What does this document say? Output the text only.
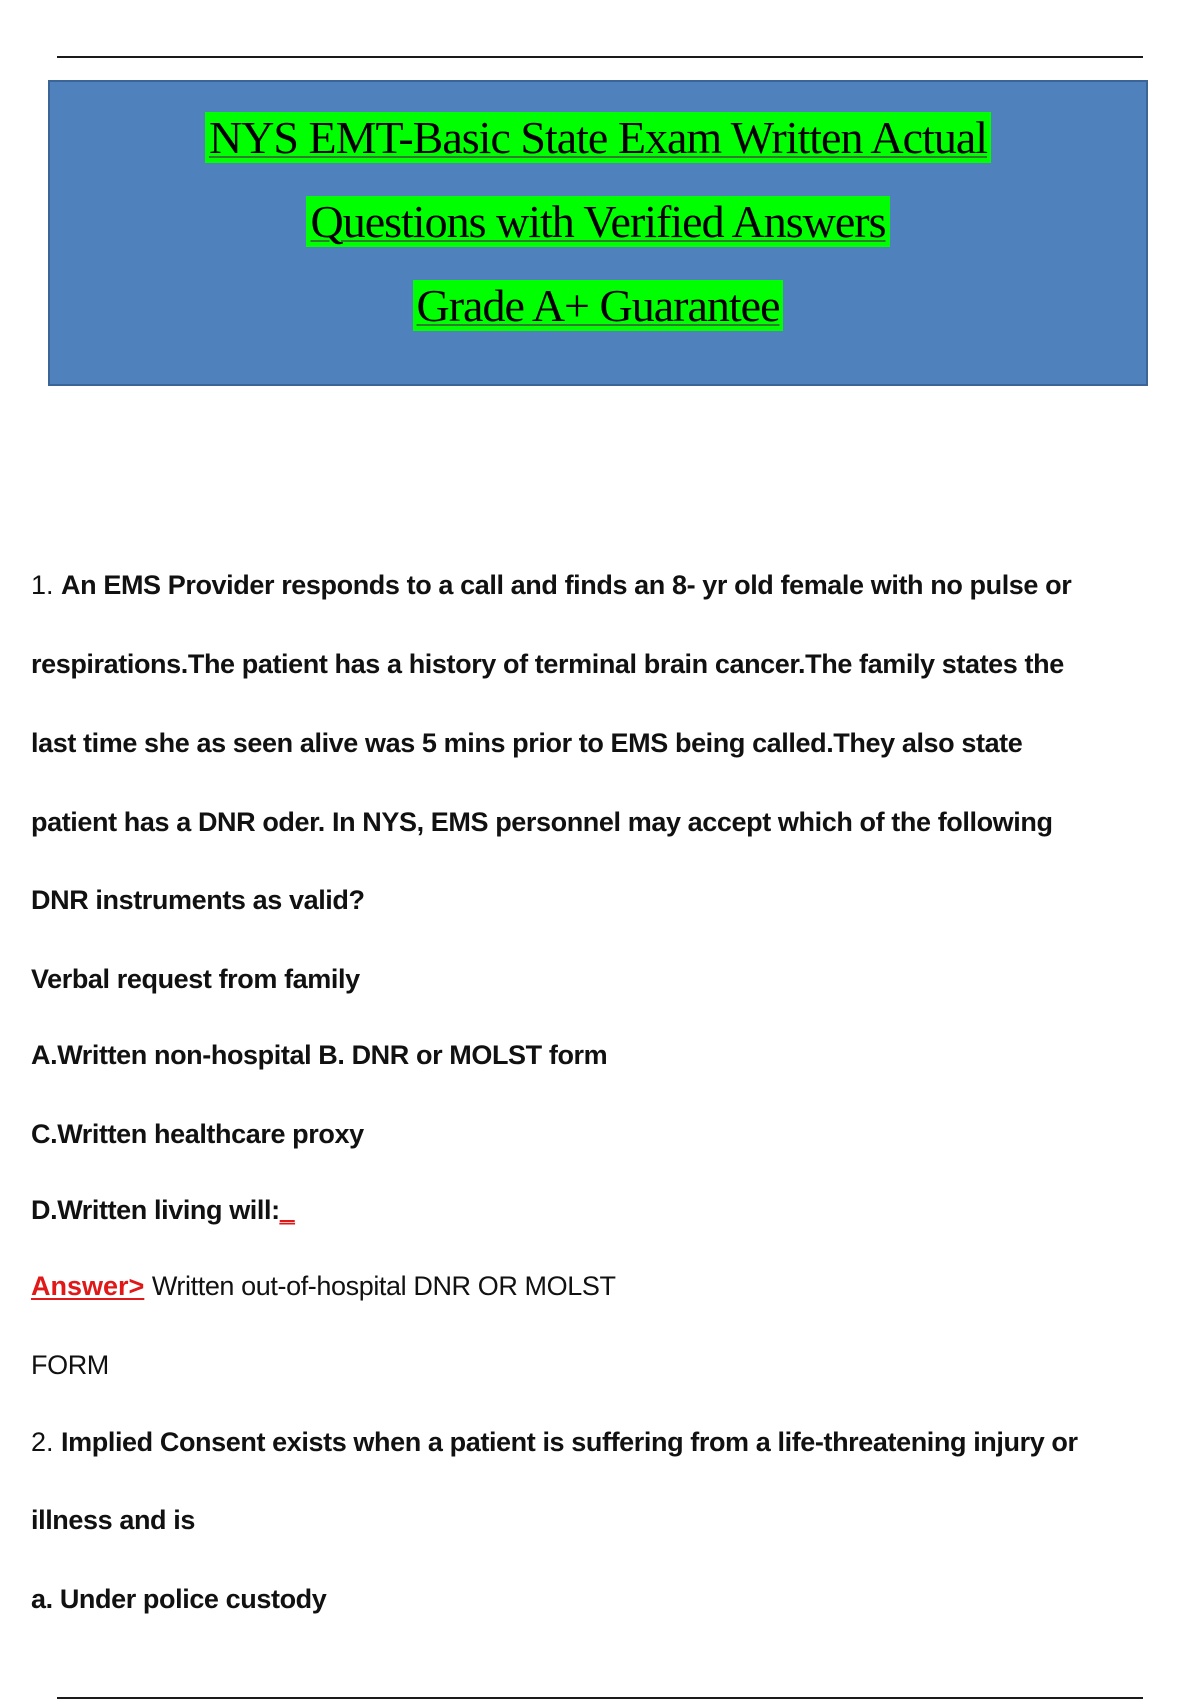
NYS EMT-Basic State Exam Written Actual
Questions with Verified Answers
Grade A+ Guarantee
1. An EMS Provider responds to a call and finds an 8- yr old female with no pulse or
respirations.The patient has a history of terminal brain cancer.The family states the
last time she as seen alive was 5 mins prior to EMS being called.They also state
patient has a DNR oder. In NYS, EMS personnel may accept which of the following
DNR instruments as valid?
Verbal request from family
A.Written non-hospital B. DNR or MOLST form
C.Written healthcare proxy
D.Written living will:_
Answer> Written out-of-hospital DNR OR MOLST
FORM
2. Implied Consent exists when a patient is suffering from a life-threatening injury or
illness and is
a. Under police custody
